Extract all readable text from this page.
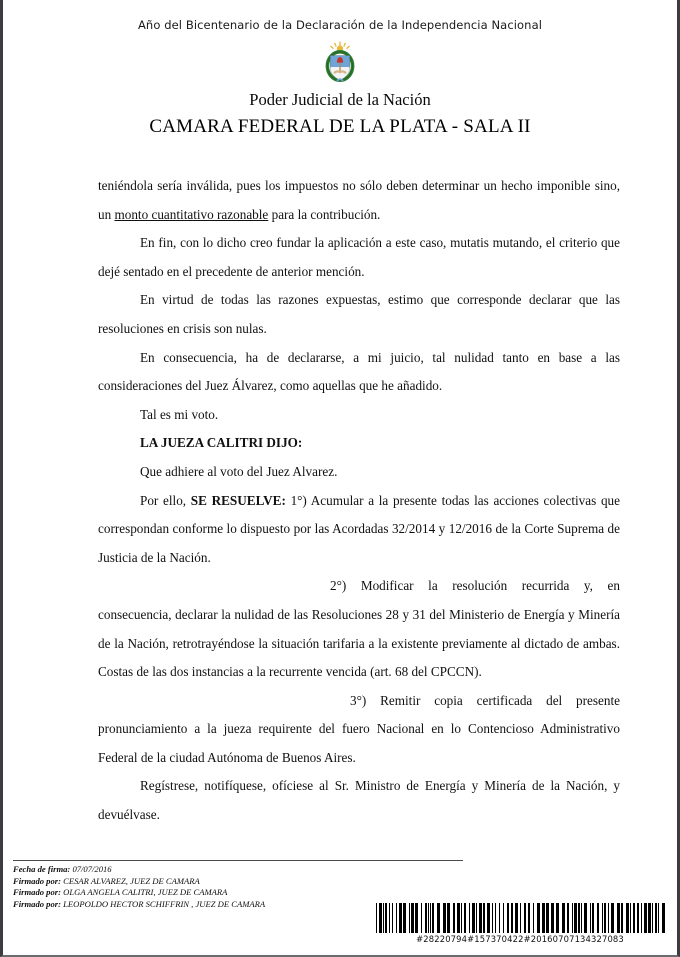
Año del Bicentenario de la Declaración de la Independencia Nacional
Poder Judicial de la Nación
CAMARA FEDERAL DE LA PLATA - SALA II

teniéndola sería inválida, pues los impuestos no sólo deben determinar un hecho imponible sino, un monto cuantitativo razonable para la contribución.

En fin, con lo dicho creo fundar la aplicación a este caso, mutatis mutando, el criterio que dejé sentado en el precedente de anterior mención.

En virtud de todas las razones expuestas, estimo que corresponde declarar que las resoluciones en crisis son nulas.

En consecuencia, ha de declararse, a mi juicio, tal nulidad tanto en base a las consideraciones del Juez Álvarez, como aquellas que he añadido.

Tal es mi voto.

LA JUEZA CALITRI DIJO:

Que adhiere al voto del Juez Alvarez.

Por ello, SE RESUELVE: 1°) Acumular a la presente todas las acciones colectivas que correspondan conforme lo dispuesto por las Acordadas 32/2014 y 12/2016 de la Corte Suprema de Justicia de la Nación.

2°) Modificar la resolución recurrida y, en consecuencia, declarar la nulidad de las Resoluciones 28 y 31 del Ministerio de Energía y Minería de la Nación, retrotrayéndose la situación tarifaria a la existente previamente al dictado de ambas. Costas de las dos instancias a la recurrente vencida (art. 68 del CPCCN).

3°) Remitir copia certificada del presente pronunciamiento a la jueza requirente del fuero Nacional en lo Contencioso Administrativo Federal de la ciudad Autónoma de Buenos Aires.

Regístrese, notifíquese, ofíciese al Sr. Ministro de Energía y Minería de la Nación, y devuélvase.

Fecha de firma: 07/07/2016
Firmado por: CESAR ALVAREZ, JUEZ DE CAMARA
Firmado por: OLGA ANGELA CALITRI, JUEZ DE CAMARA
Firmado por: LEOPOLDO HECTOR SCHIFFRIN , JUEZ DE CAMARA
#28220794#157370422#20160707134327083
